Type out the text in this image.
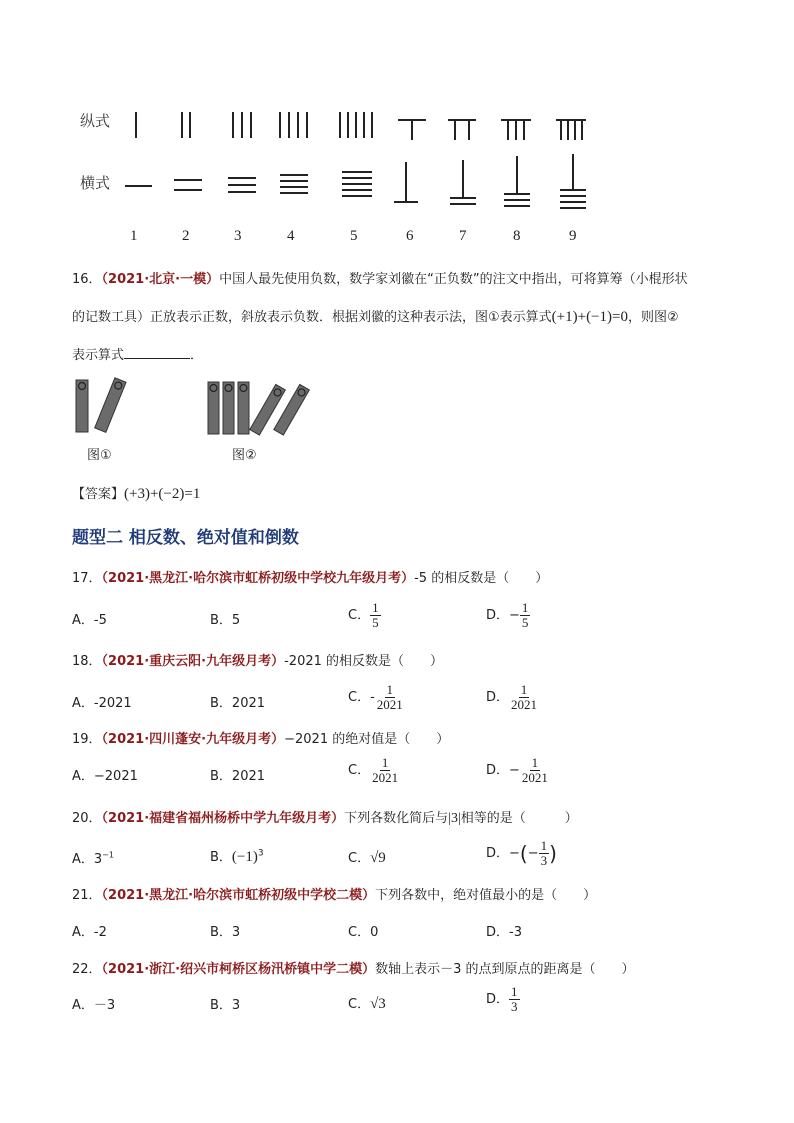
纵式
横式
1	2	3	4	5	6	7	8	9
16．（2021·北京·一模）中国人最先使用负数，数学家刘徽在“正负数”的注文中指出，可将算筹（小棍形状
的记数工具）正放表示正数，斜放表示负数．根据刘徽的这种表示法，图①表示算式(+1)+(−1)=0，则图②
表示算式	．
图①	图②
【答案】(+3)+(−2)=1
题型二 相反数、绝对值和倒数
17．（2021·黑龙江·哈尔滨市虹桥初级中学校九年级月考）-5 的相反数是（　　）
A．-5	B．5	C． $\frac{1}{5}$	D．− $\frac{1}{5}$
18．（2021·重庆云阳·九年级月考）-2021 的相反数是（　　）
A．-2021	B．2021	C．- $\frac{1}{2021}$	D． $\frac{1}{2021}$
19．（2021·四川蓬安·九年级月考）−2021 的绝对值是（　　）
A．−2021	B．2021	C． $\frac{1}{2021}$	D．− $\frac{1}{2021}$
20．（2021·福建省福州杨桥中学九年级月考）下列各数化简后与|3|相等的是（　　　）
A．$3^{-1}$	B．$(-1)^3$	C．√9	D．−(− $\frac{1}{3}$ )
21．（2021·黑龙江·哈尔滨市虹桥初级中学校二模）下列各数中，绝对值最小的是（　　）
A．-2	B．3	C．0	D．-3
22．（2021·浙江·绍兴市柯桥区杨汛桥镇中学二模）数轴上表示－3 的点到原点的距离是（　　）
A．－3	B．3	C．√3	D． $\frac{1}{3}$
